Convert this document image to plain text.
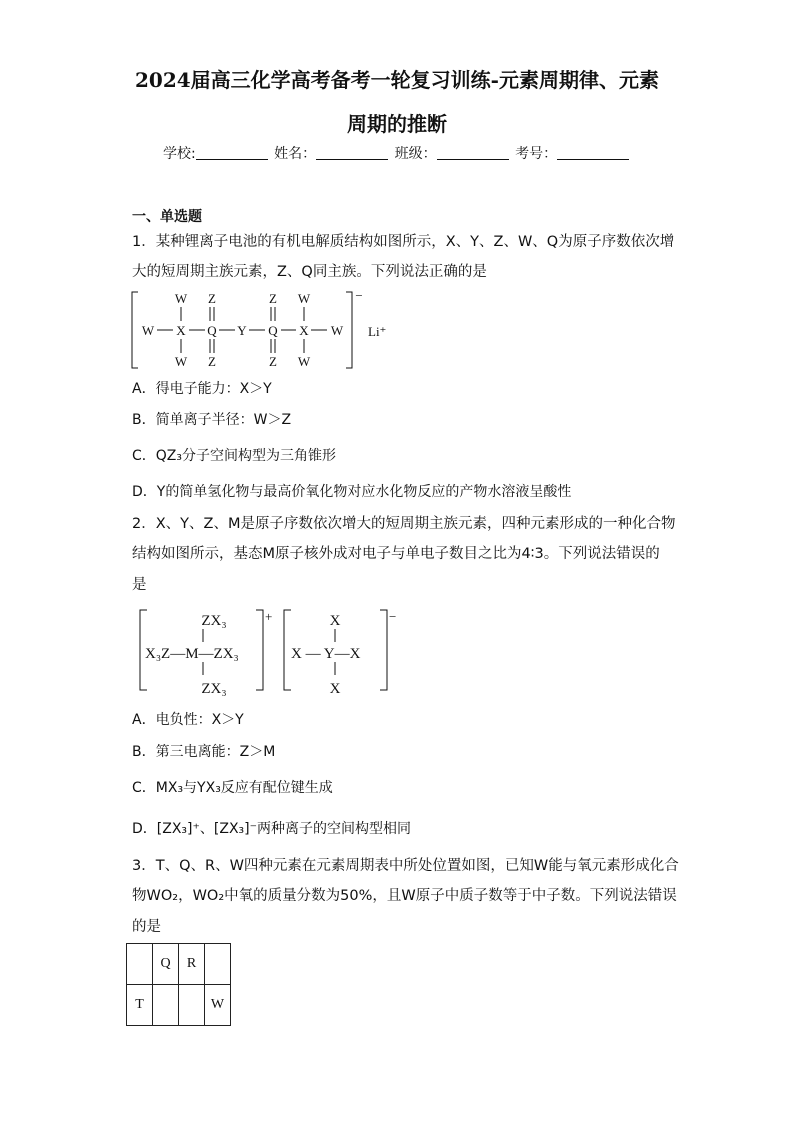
2024届高三化学高考备考一轮复习训练-元素周期律、元素
周期的推断
学校:	姓名：	班级：	考号：
一、单选题
1．某种锂离子电池的有机电解质结构如图所示，X、Y、Z、W、Q为原子序数依次增
大的短周期主族元素，Z、Q同主族。下列说法正确的是
W Z	Z W
W X Q Y Q X W
W Z	Z W
−
Li⁺
A．得电子能力：X＞Y
B．简单离子半径：W＞Z
C．QZ₃分子空间构型为三角锥形
D．Y的简单氢化物与最高价氧化物对应水化物反应的产物水溶液呈酸性
2．X、Y、Z、M是原子序数依次增大的短周期主族元素，四种元素形成的一种化合物
结构如图所示，基态M原子核外成对电子与单电子数目之比为4∶3。下列说法错误的
是
ZX₃
X₃Z—M—ZX₃
ZX₃
+	X
X — Y—X
X
−
A．电负性：X＞Y
B．第三电离能：Z＞M
C．MX₃与YX₃反应有配位键生成
D．[ZX₃]⁺、[ZX₃]⁻两种离子的空间构型相同
3．T、Q、R、W四种元素在元素周期表中所处位置如图，已知W能与氧元素形成化合
物WO₂，WO₂中氧的质量分数为50%，且W原子中质子数等于中子数。下列说法错误
的是
	Q	R	
T			W
